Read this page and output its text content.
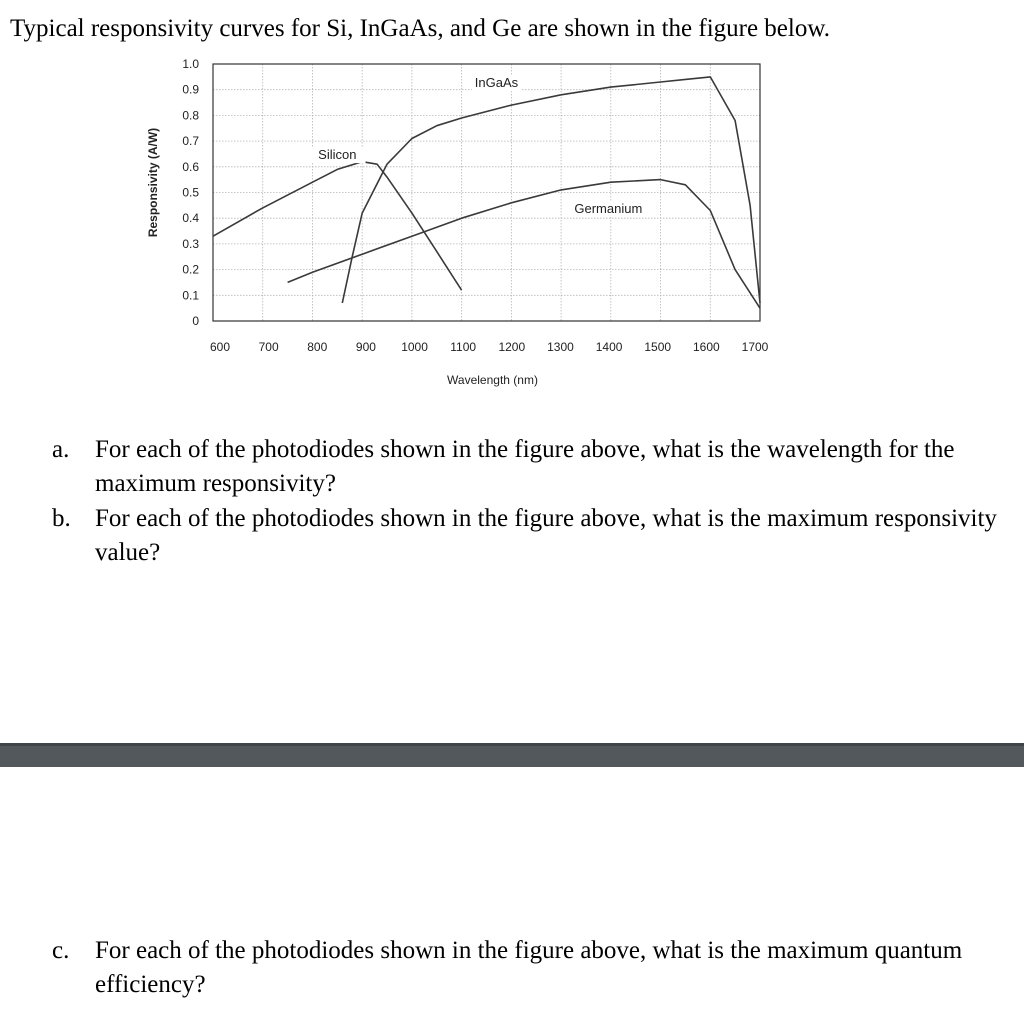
Typical responsivity curves for Si, InGaAs, and Ge are shown in the figure below.
0
0.1
0.2
0.3
0.4
0.5
0.6
0.7
0.8
0.9
1.0
600 700 800 900 1000 1100 1200 1300 1400 1500 1600 1700
Silicon
InGaAs
Germanium
Wavelength (nm)
Responsivity (A/W)
a. For each of the photodiodes shown in the figure above, what is the wavelength for the maximum responsivity?
b. For each of the photodiodes shown in the figure above, what is the maximum responsivity value?
c. For each of the photodiodes shown in the figure above, what is the maximum quantum efficiency?
